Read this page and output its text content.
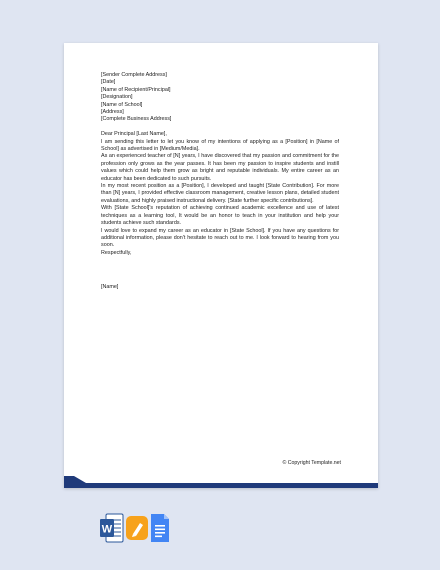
[Sender Complete Address]

[Date]

[Name of Recipient/Principal]

[Designation]

[Name of School]

[Address]

[Complete Business Address]

Dear Principal [Last Name],

I am sending this letter to let you know of my intentions of applying as a [Position] in [Name of School] as advertised in [Medium/Media].

As an experienced teacher of [N] years, I have discovered that my passion and commitment for the profession only grows as the year passes. It has been my passion to inspire students and instill values which could help them grow as bright and reputable individuals. My entire career as an educator has been dedicated to such pursuits.

In my most recent position as a [Position], I developed and taught [State Contribution]. For more than [N] years, I provided effective classroom management, creative lesson plans, detailed student evaluations, and highly praised instructional delivery. [State further specific contributions].

With [State School]'s reputation of achieving continued academic excellence and use of latest techniques as a learning tool, It would be an honor to teach in your institution and help your students achieve such standards.

I would love to expand my career as an educator in [State School]. If you have any questions for additional information, please don't hesitate to reach out to me. I look forward to hearing from you soon.

Respectfully,

[Name]

© Copyright Template.net
W
